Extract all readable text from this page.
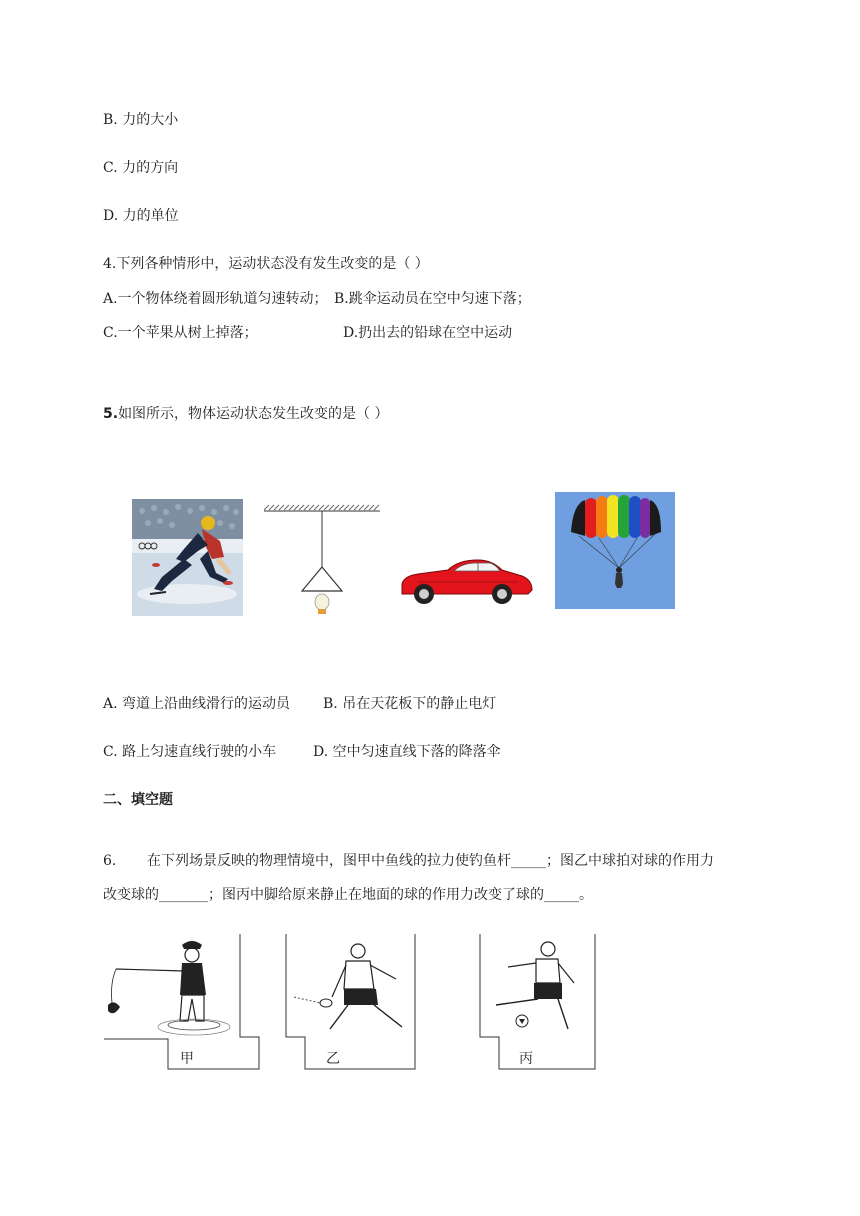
B. 力的大小
C. 力的方向
D. 力的单位
4.下列各种情形中，运动状态没有发生改变的是（ ）
A.一个物体绕着圆形轨道匀速转动； B.跳伞运动员在空中匀速下落；
C.一个苹果从树上掉落；	D.扔出去的铅球在空中运动
5.如图所示，物体运动状态发生改变的是（ ）
A. 弯道上沿曲线滑行的运动员 B. 吊在天花板下的静止电灯
C. 路上匀速直线行驶的小车	D. 空中匀速直线下落的降落伞
二、填空题
6. 在下列场景反映的物理情境中，图甲中鱼线的拉力使钓鱼杆_____；图乙中球拍对球的作用力
改变球的_______；图丙中脚给原来静止在地面的球的作用力改变了球的_____。
甲	乙	丙
